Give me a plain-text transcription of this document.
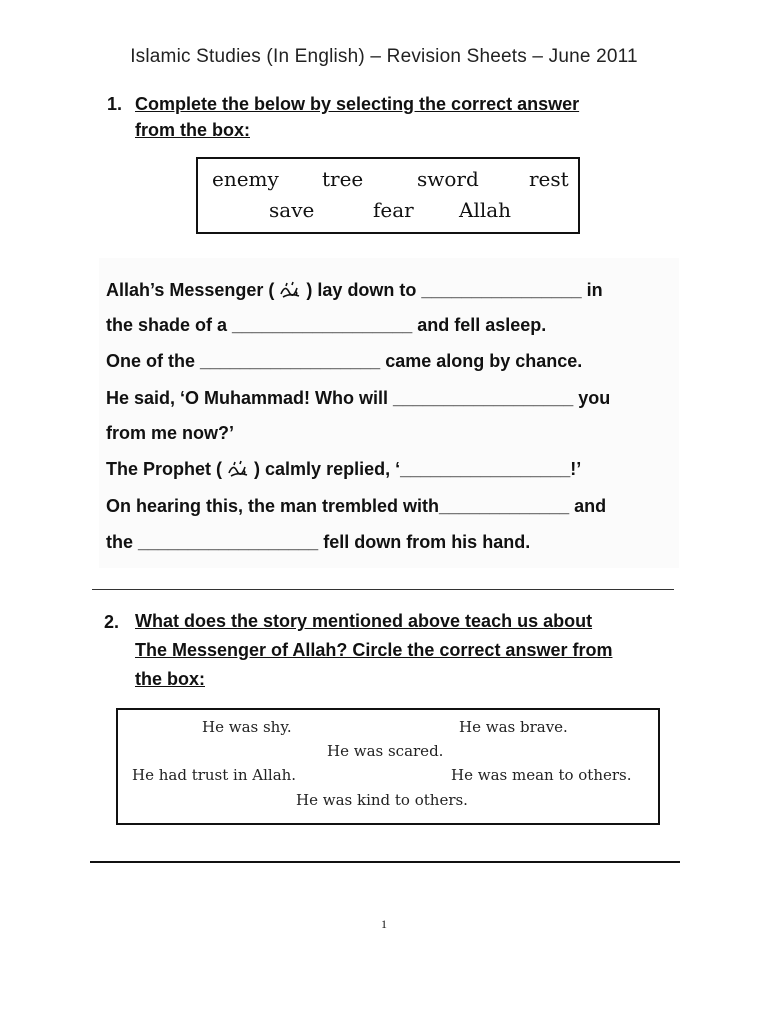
Islamic Studies (In English) – Revision Sheets – June 2011
1. Complete the below by selecting the correct answer
from the box:
enemy tree	sword	rest
save	fear Allah
Allah’s Messenger ( ) lay down to ________________ in
the shade of a __________________ and fell asleep.
One of the __________________ came along by chance.
He said, ‘O Muhammad! Who will __________________ you
from me now?’
The Prophet ( ) calmly replied, ‘_________________!’
On hearing this, the man trembled with_____________ and
the __________________ fell down from his hand.
2. What does the story mentioned above teach us about
The Messenger of Allah? Circle the correct answer from
the box:
He was shy.	He was brave.
He was scared.
He had trust in Allah.	He was mean to others.
He was kind to others.
1
